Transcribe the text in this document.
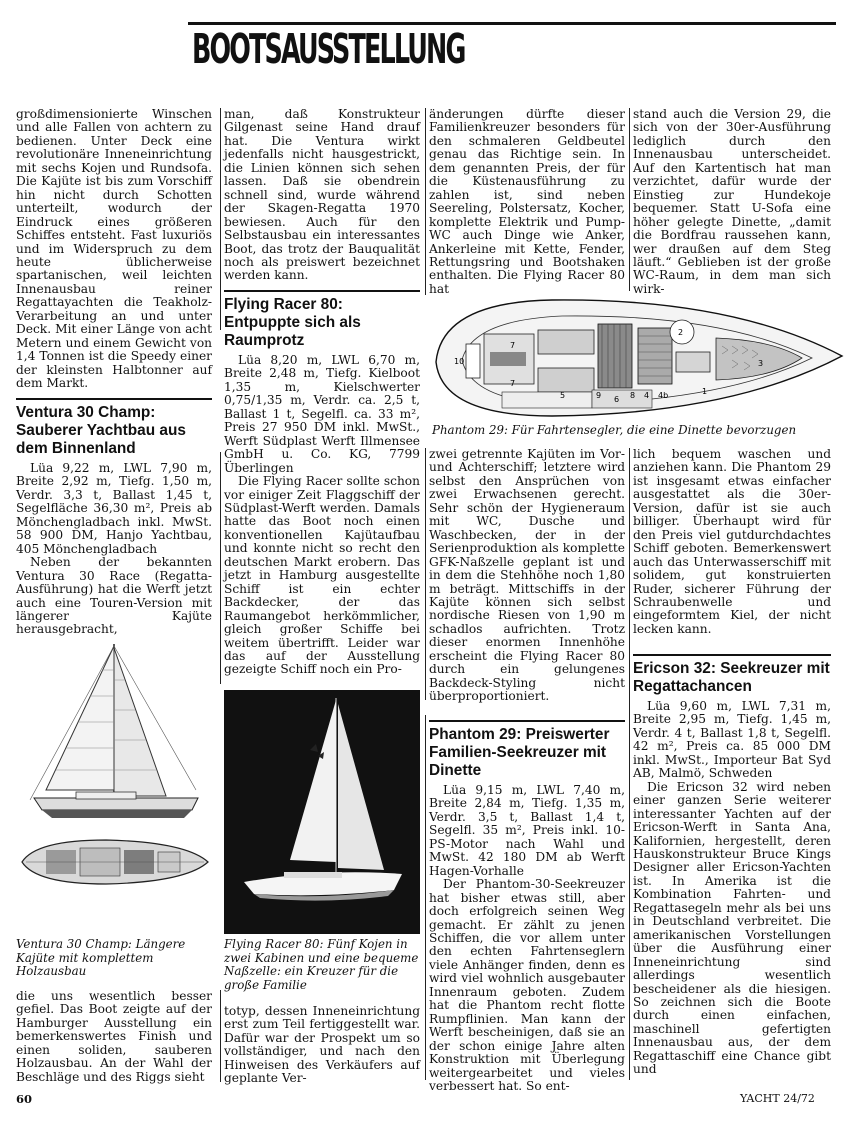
BOOTSAUSSTELLUNG

großdimensionierte Winschen und alle Fallen von achtern zu bedienen. Unter Deck eine revolutionäre Inneneinrichtung mit sechs Kojen und Rundsofa. Die Kajüte ist bis zum Vorschiff hin nicht durch Schotten unterteilt, wodurch der Eindruck eines größeren Schiffes entsteht. Fast luxuriös und im Widerspruch zu dem heute üblicherweise spartanischen, weil leichten Innenausbau reiner Regattayachten die Teakholz-Verarbeitung an und unter Deck. Mit einer Länge von acht Metern und einem Gewicht von 1,4 Tonnen ist die Speedy einer der kleinsten Halbtonner auf dem Markt.

Ventura 30 Champ: Sauberer Yachtbau aus dem Binnenland

Lüa 9,22 m, LWL 7,90 m, Breite 2,92 m, Tiefg. 1,50 m, Verdr. 3,3 t, Ballast 1,45 t, Segelfläche 36,30 m², Preis ab Mönchengladbach inkl. MwSt. 58 900 DM, Hanjo Yachtbau, 405 Mönchengladbach

Neben der bekannten Ventura 30 Race (Regatta-Ausführung) hat die Werft jetzt auch eine Touren-Version mit längerer Kajüte herausgebracht,

Ventura 30 Champ: Längere Kajüte mit komplettem Holzausbau

die uns wesentlich besser gefiel. Das Boot zeigte auf der Hamburger Ausstellung ein bemerkenswertes Finish und einen soliden, sauberen Holzausbau. An der Wahl der Beschläge und des Riggs sieht

man, daß Konstrukteur Gilgenast seine Hand drauf hat. Die Ventura wirkt jedenfalls nicht hausgestrickt, die Linien können sich sehen lassen. Daß sie obendrein schnell sind, wurde während der Skagen-Regatta 1970 bewiesen. Auch für den Selbstausbau ein interessantes Boot, das trotz der Bauqualität noch als preiswert bezeichnet werden kann.

Flying Racer 80: Entpuppte sich als Raumprotz

Lüa 8,20 m, LWL 6,70 m, Breite 2,48 m, Tiefg. Kielboot 1,35 m, Kielschwerter 0,75/1,35 m, Verdr. ca. 2,5 t, Ballast 1 t, Segelfl. ca. 33 m², Preis 27 950 DM inkl. MwSt., Werft Südplast Werft Illmensee GmbH u. Co. KG, 7799 Überlingen

Die Flying Racer sollte schon vor einiger Zeit Flaggschiff der Südplast-Werft werden. Damals hatte das Boot noch einen konventionellen Kajütaufbau und konnte nicht so recht den deutschen Markt erobern. Das jetzt in Hamburg ausgestellte Schiff ist ein echter Backdecker, der das Raumangebot herkömmlicher, gleich großer Schiffe bei weitem übertrifft. Leider war das auf der Ausstellung gezeigte Schiff noch ein Pro-

Flying Racer 80: Fünf Kojen in zwei Kabinen und eine bequeme Naßzelle: ein Kreuzer für die große Familie

totyp, dessen Inneneinrichtung erst zum Teil fertiggestellt war. Dafür war der Prospekt um so vollständiger, und nach den Hinweisen des Verkäufers auf geplante Ver-

änderungen dürfte dieser Familienkreuzer besonders für den schmaleren Geldbeutel genau das Richtige sein. In dem genannten Preis, der für die Küstenausführung zu zahlen ist, sind neben Seereling, Polstersatz, Kocher, komplette Elektrik und Pump-WC auch Dinge wie Anker, Ankerleine mit Kette, Fender, Rettungsring und Bootshaken enthalten. Die Flying Racer 80 hat

10
7
7
2
3
4 4b
5	6
9	8	1
Phantom 29: Für Fahrtensegler, die eine Dinette bevorzugen

zwei getrennte Kajüten im Vor- und Achterschiff; letztere wird selbst den Ansprüchen von zwei Erwachsenen gerecht. Sehr schön der Hygieneraum mit WC, Dusche und Waschbecken, der in der Serienproduktion als komplette GFK-Naßzelle geplant ist und in dem die Stehhöhe noch 1,80 m beträgt. Mittschiffs in der Kajüte können sich selbst nordische Riesen von 1,90 m schadlos aufrichten. Trotz dieser enormen Innenhöhe erscheint die Flying Racer 80 durch ein gelungenes Backdeck-Styling nicht überproportioniert.

Phantom 29: Preiswerter Familien-Seekreuzer mit Dinette

Lüa 9,15 m, LWL 7,40 m, Breite 2,84 m, Tiefg. 1,35 m, Verdr. 3,5 t, Ballast 1,4 t, Segelfl. 35 m², Preis inkl. 10-PS-Motor nach Wahl und MwSt. 42 180 DM ab Werft Hagen-Vorhalle

Der Phantom-30-Seekreuzer hat bisher etwas still, aber doch erfolgreich seinen Weg gemacht. Er zählt zu jenen Schiffen, die vor allem unter den echten Fahrtenseglern viele Anhänger finden, denn es wird viel wohnlich ausgebauter Innenraum geboten. Zudem hat die Phantom recht flotte Rumpflinien. Man kann der Werft bescheinigen, daß sie an der schon einige Jahre alten Konstruktion mit Überlegung weitergearbeitet und vieles verbessert hat. So ent-

stand auch die Version 29, die sich von der 30er-Ausführung lediglich durch den Innenausbau unterscheidet. Auf den Kartentisch hat man verzichtet, dafür wurde der Einstieg zur Hundekoje bequemer. Statt U-Sofa eine höher gelegte Dinette, „damit die Bordfrau raussehen kann, wer draußen auf dem Steg läuft.“ Geblieben ist der große WC-Raum, in dem man sich wirk-

lich bequem waschen und anziehen kann. Die Phantom 29 ist insgesamt etwas einfacher ausgestattet als die 30er-Version, dafür ist sie auch billiger. Überhaupt wird für den Preis viel gutdurchdachtes Schiff geboten. Bemerkenswert auch das Unterwasserschiff mit solidem, gut konstruierten Ruder, sicherer Führung der Schraubenwelle und eingeformtem Kiel, der nicht lecken kann.

Ericson 32: Seekreuzer mit Regattachancen

Lüa 9,60 m, LWL 7,31 m, Breite 2,95 m, Tiefg. 1,45 m, Verdr. 4 t, Ballast 1,8 t, Segelfl. 42 m², Preis ca. 85 000 DM inkl. MwSt., Importeur Bat Syd AB, Malmö, Schweden

Die Ericson 32 wird neben einer ganzen Serie weiterer interessanter Yachten auf der Ericson-Werft in Santa Ana, Kalifornien, hergestellt, deren Hauskonstrukteur Bruce Kings Designer aller Ericson-Yachten ist. In Amerika ist die Kombination Fahrten- und Regattasegeln mehr als bei uns in Deutschland verbreitet. Die amerikanischen Vorstellungen über die Ausführung einer Inneneinrichtung sind allerdings wesentlich bescheidener als die hiesigen. So zeichnen sich die Boote durch einen einfachen, maschinell gefertigten Innenausbau aus, der dem Regattaschiff eine Chance gibt und

60	YACHT 24/72
